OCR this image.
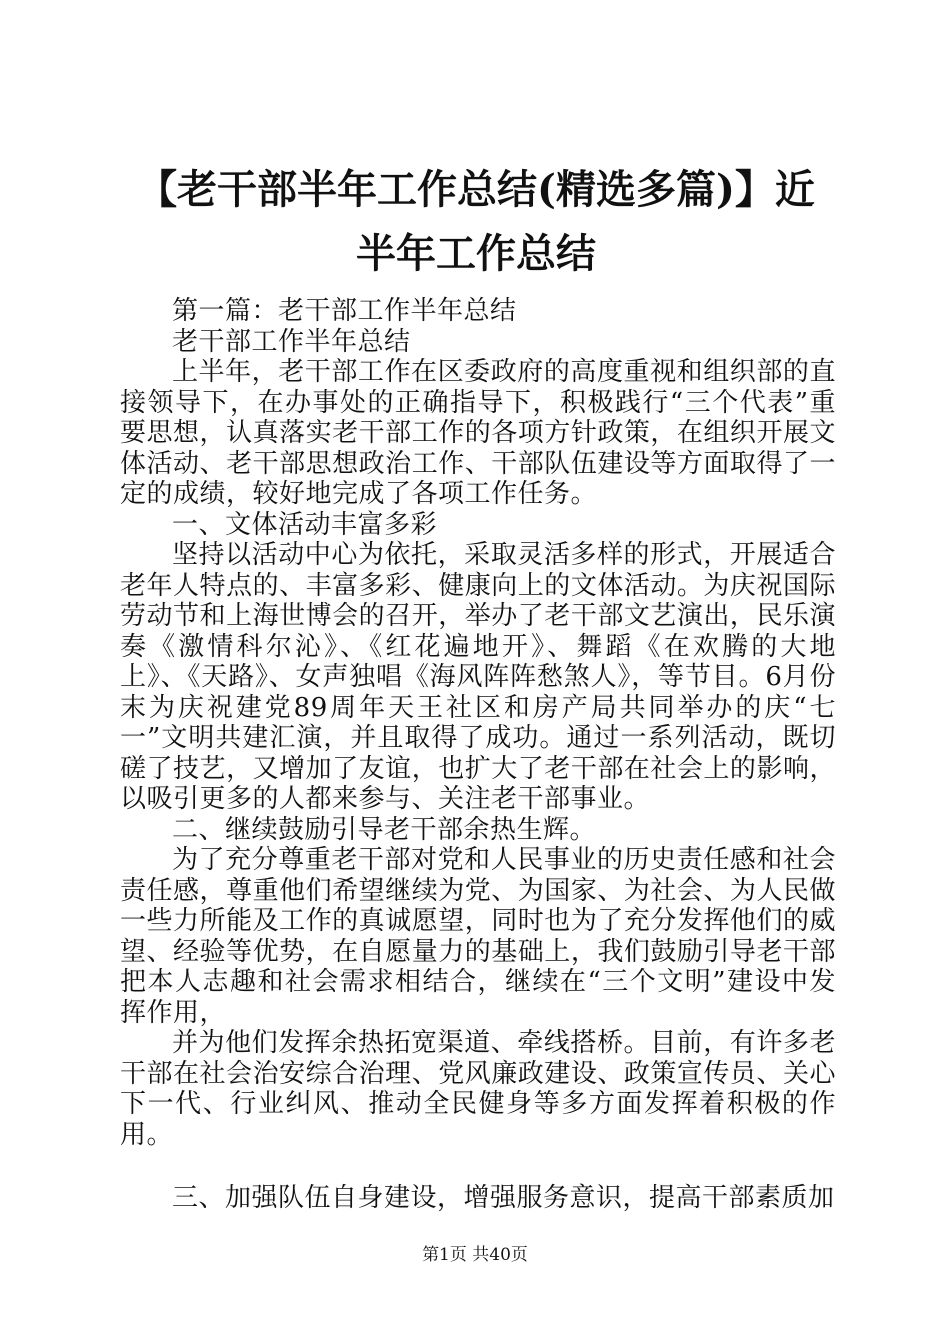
【老干部半年工作总结(精选多篇)】近半年工作总结

第一篇：老干部工作半年总结

老干部工作半年总结

上半年，老干部工作在区委政府的高度重视和组织部的直接领导下，在办事处的正确指导下，积极践行“三个代表”重要思想，认真落实老干部工作的各项方针政策，在组织开展文体活动、老干部思想政治工作、干部队伍建设等方面取得了一定的成绩，较好地完成了各项工作任务。

一、文体活动丰富多彩

坚持以活动中心为依托，采取灵活多样的形式，开展适合老年人特点的、丰富多彩、健康向上的文体活动。为庆祝国际劳动节和上海世博会的召开，举办了老干部文艺演出，民乐演奏《激情科尔沁》、《红花遍地开》、舞蹈《在欢腾的大地上》、《天路》、女声独唱《海风阵阵愁煞人》，等节目。6月份末为庆祝建党89周年天王社区和房产局共同举办的庆“七一”文明共建汇演，并且取得了成功。通过一系列活动，既切磋了技艺，又增加了友谊，也扩大了老干部在社会上的影响，以吸引更多的人都来参与、关注老干部事业。

二、继续鼓励引导老干部余热生辉。

为了充分尊重老干部对党和人民事业的历史责任感和社会责任感，尊重他们希望继续为党、为国家、为社会、为人民做一些力所能及工作的真诚愿望，同时也为了充分发挥他们的威望、经验等优势，在自愿量力的基础上，我们鼓励引导老干部把本人志趣和社会需求相结合，继续在“三个文明”建设中发挥作用，

并为他们发挥余热拓宽渠道、牵线搭桥。目前，有许多老干部在社会治安综合治理、党风廉政建设、政策宣传员、关心下一代、行业纠风、推动全民健身等多方面发挥着积极的作用。

三、加强队伍自身建设，增强服务意识，提高干部素质加

第1页 共40页
